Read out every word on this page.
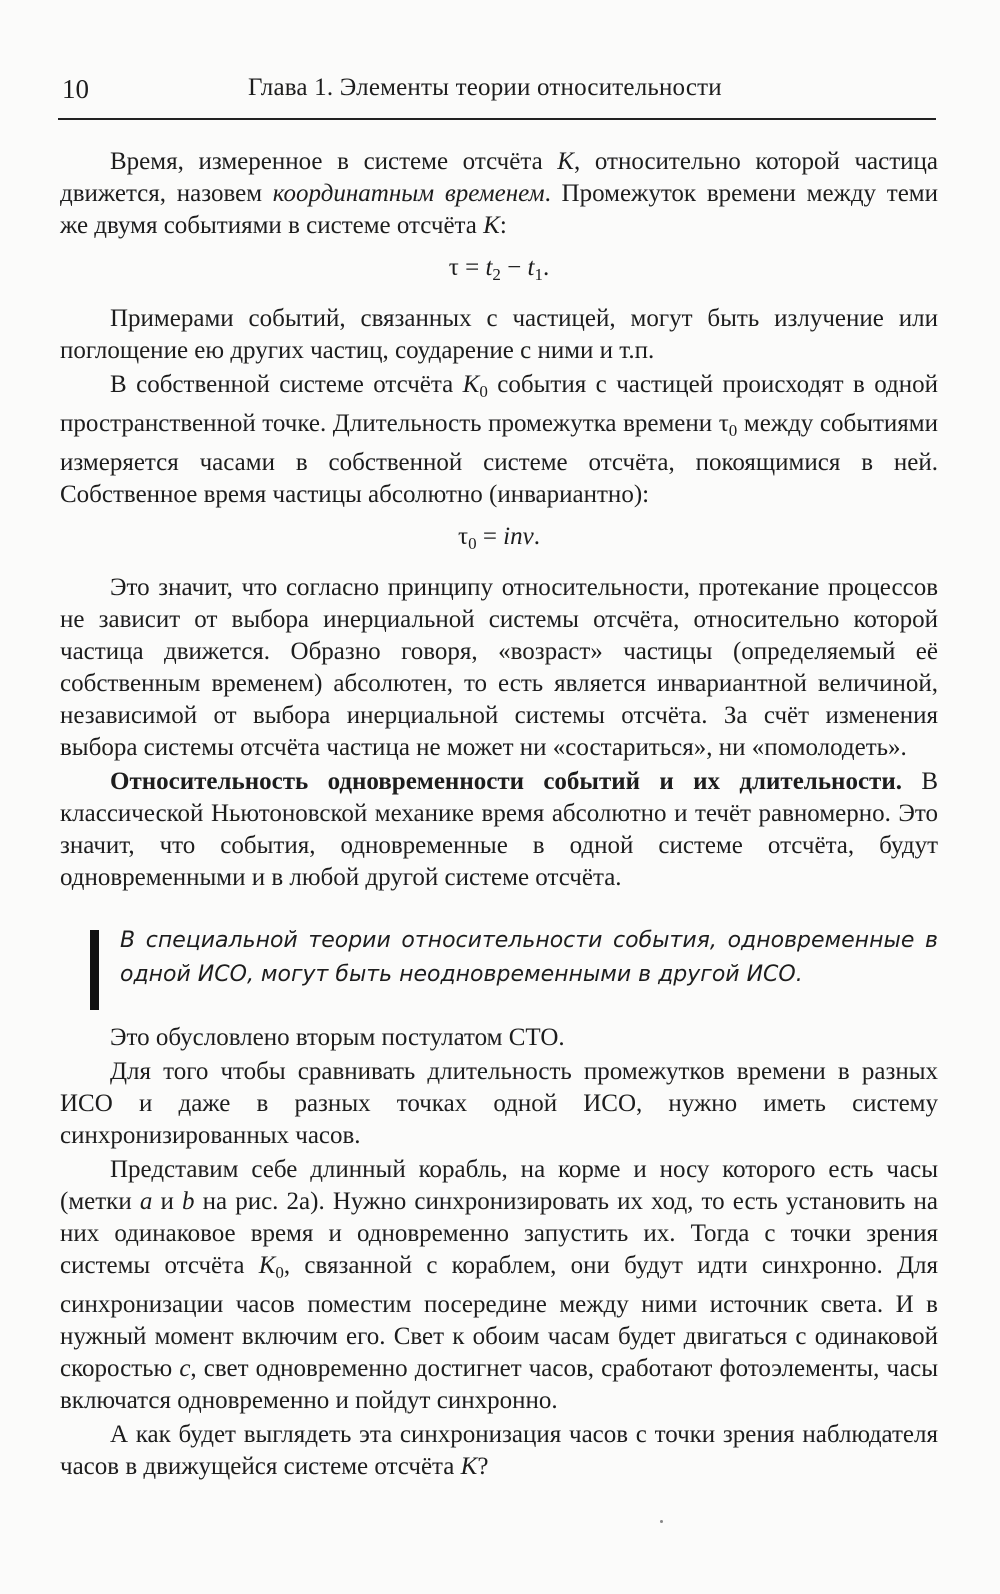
10	Глава 1. Элементы теории относительности

Время, измеренное в системе отсчёта K, относительно которой частица движется, назовем координатным временем. Промежуток времени между теми же двумя событиями в системе отсчёта K:

$\tau = t_2 - t_1$.

Примерами событий, связанных с частицей, могут быть излучение или поглощение ею других частиц, соударение с ними и т.п.

В собственной системе отсчёта $K_0$ события с частицей происходят в одной пространственной точке. Длительность промежутка времени $\tau_0$ между событиями измеряется часами в собственной системе отсчёта, покоящимися в ней. Собственное время частицы абсолютно (инвариантно):

$\tau_0$ = inv.

Это значит, что согласно принципу относительности, протекание процессов не зависит от выбора инерциальной системы отсчёта, относительно которой частица движется. Образно говоря, «возраст» частицы (определяемый её собственным временем) абсолютен, то есть является инвариантной величиной, независимой от выбора инерциальной системы отсчёта. За счёт изменения выбора системы отсчёта частица не может ни «состариться», ни «помолодеть».

Относительность одновременности событий и их длительности. В классической Ньютоновской механике время абсолютно и течёт равномерно. Это значит, что события, одновременные в одной системе отсчёта, будут одновременными и в любой другой системе отсчёта.

В специальной теории относительности события, одновременные в одной ИСО, могут быть неодновременными в другой ИСО.

Это обусловлено вторым постулатом СТО.

Для того чтобы сравнивать длительность промежутков времени в разных ИСО и даже в разных точках одной ИСО, нужно иметь систему синхронизированных часов.

Представим себе длинный корабль, на корме и носу которого есть часы (метки a и b на рис. 2а). Нужно синхронизировать их ход, то есть установить на них одинаковое время и одновременно запустить их. Тогда с точки зрения системы отсчёта $K_0$, связанной с кораблем, они будут идти синхронно. Для синхронизации часов поместим посередине между ними источник света. И в нужный момент включим его. Свет к обоим часам будет двигаться с одинаковой скоростью c, свет одновременно достигнет часов, сработают фотоэлементы, часы включатся одновременно и пойдут синхронно.

А как будет выглядеть эта синхронизация часов с точки зрения наблюдателя часов в движущейся системе отсчёта K?
